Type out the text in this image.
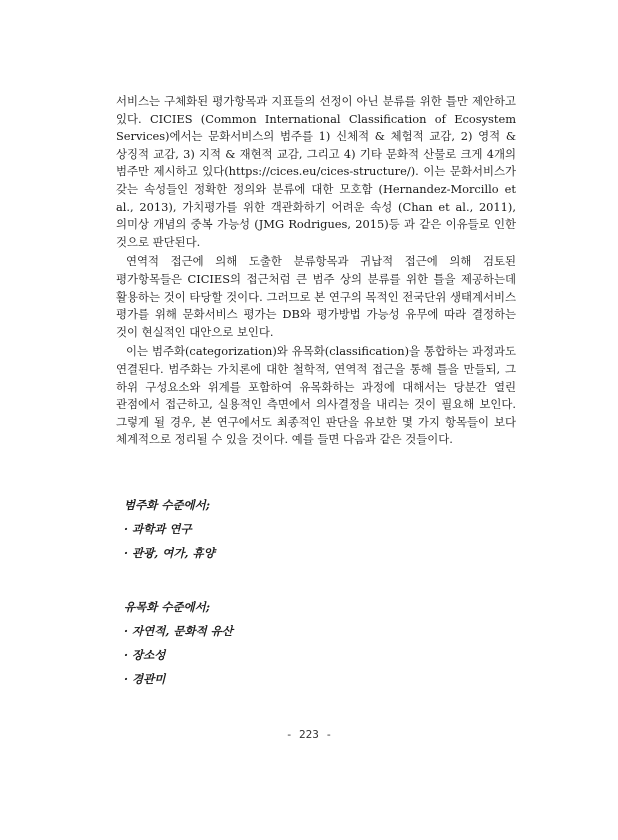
서비스는 구체화된 평가항목과 지표들의 선정이 아닌 분류를 위한 틀만 제안하고 있다. CICIES (Common International Classification of Ecosystem Services)에서는 문화서비스의 범주를 1) 신체적 & 체험적 교감, 2) 영적 & 상징적 교감, 3) 지적 & 재현적 교감, 그리고 4) 기타 문화적 산물로 크게 4개의 범주만 제시하고 있다(https://cices.eu/cices-structure/). 이는 문화서비스가 갖는 속성들인 정확한 정의와 분류에 대한 모호함 (Hernandez-Morcillo et al., 2013), 가치평가를 위한 객관화하기 어려운 속성 (Chan et al., 2011), 의미상 개념의 중복 가능성 (JMG Rodrigues, 2015)등 과 같은 이유들로 인한 것으로 판단된다.

연역적 접근에 의해 도출한 분류항목과 귀납적 접근에 의해 검토된 평가항목들은 CICIES의 접근처럼 큰 범주 상의 분류를 위한 틀을 제공하는데 활용하는 것이 타당할 것이다. 그러므로 본 연구의 목적인 전국단위 생태계서비스 평가를 위해 문화서비스 평가는 DB와 평가방법 가능성 유무에 따라 결정하는 것이 현실적인 대안으로 보인다.

이는 범주화(categorization)와 유목화(classification)을 통합하는 과정과도 연결된다. 범주화는 가치론에 대한 철학적, 연역적 접근을 통해 틀을 만들되, 그 하위 구성요소와 위계를 포함하여 유목화하는 과정에 대해서는 당분간 열린 관점에서 접근하고, 실용적인 측면에서 의사결정을 내리는 것이 필요해 보인다. 그렇게 될 경우, 본 연구에서도 최종적인 판단을 유보한 몇 가지 항목들이 보다 체계적으로 정리될 수 있을 것이다. 예를 들면 다음과 같은 것들이다.

범주화 수준에서;

· 과학과 연구
· 관광, 여가, 휴양

유목화 수준에서;

· 자연적, 문화적 유산
· 장소성
· 경관미
- 223 -
